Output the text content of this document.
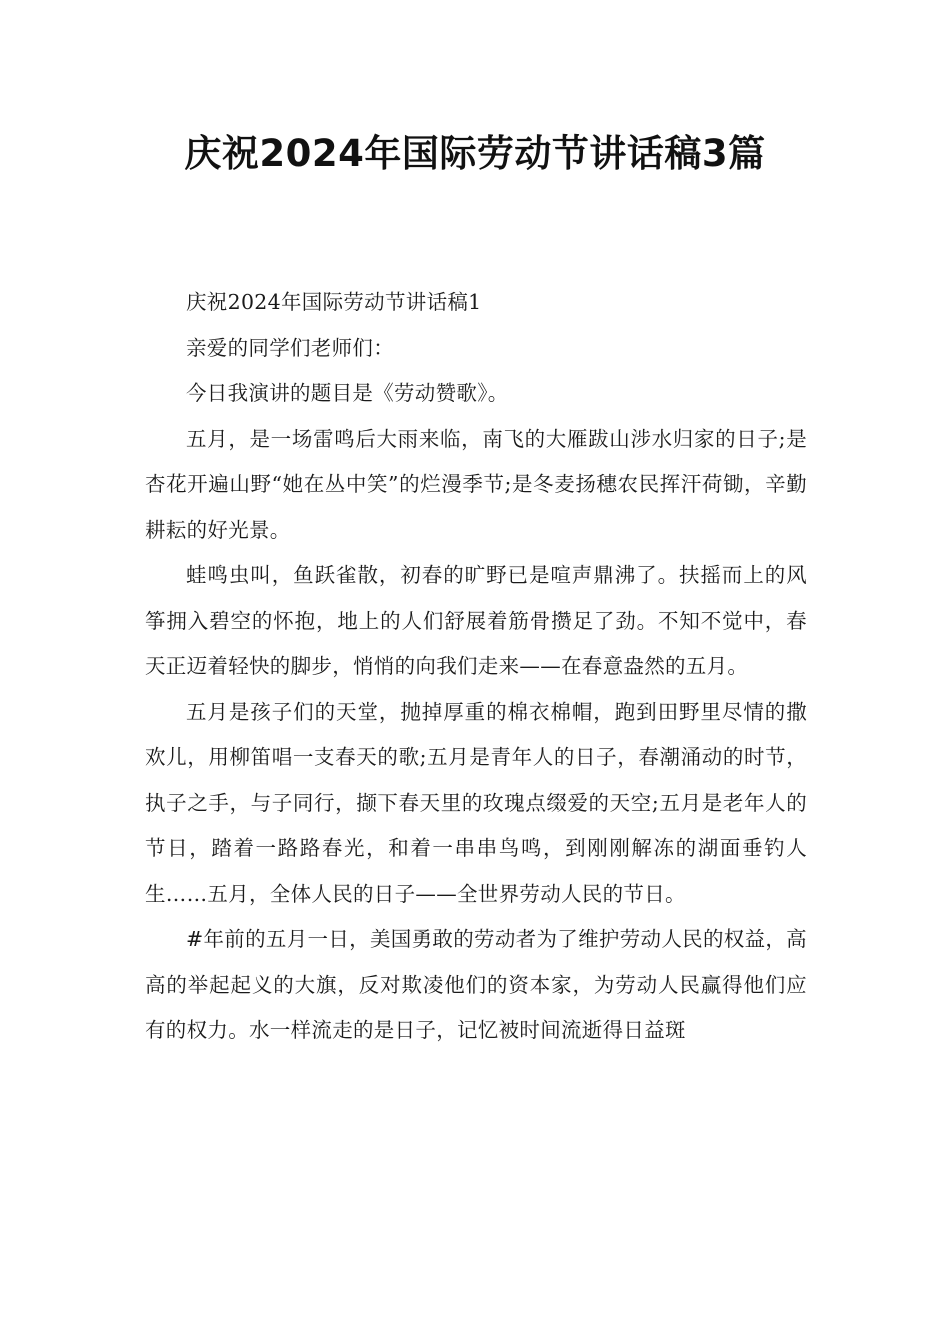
庆祝2024年国际劳动节讲话稿3篇

庆祝2024年国际劳动节讲话稿1

亲爱的同学们老师们：

今日我演讲的题目是《劳动赞歌》。

五月，是一场雷鸣后大雨来临，南飞的大雁跋山涉水归家的日子;是杏花开遍山野“她在丛中笑”的烂漫季节;是冬麦扬穗农民挥汗荷锄，辛勤耕耘的好光景。

蛙鸣虫叫，鱼跃雀散，初春的旷野已是喧声鼎沸了。扶摇而上的风筝拥入碧空的怀抱，地上的人们舒展着筋骨攒足了劲。不知不觉中，春天正迈着轻快的脚步，悄悄的向我们走来——在春意盎然的五月。

五月是孩子们的天堂，抛掉厚重的棉衣棉帽，跑到田野里尽情的撒欢儿，用柳笛唱一支春天的歌;五月是青年人的日子，春潮涌动的时节，执子之手，与子同行，撷下春天里的玫瑰点缀爱的天空;五月是老年人的节日，踏着一路路春光，和着一串串鸟鸣，到刚刚解冻的湖面垂钓人生……五月，全体人民的日子——全世界劳动人民的节日。

#年前的五月一日，美国勇敢的劳动者为了维护劳动人民的权益，高高的举起起义的大旗，反对欺凌他们的资本家，为劳动人民赢得他们应有的权力。水一样流走的是日子，记忆被时间流逝得日益斑
